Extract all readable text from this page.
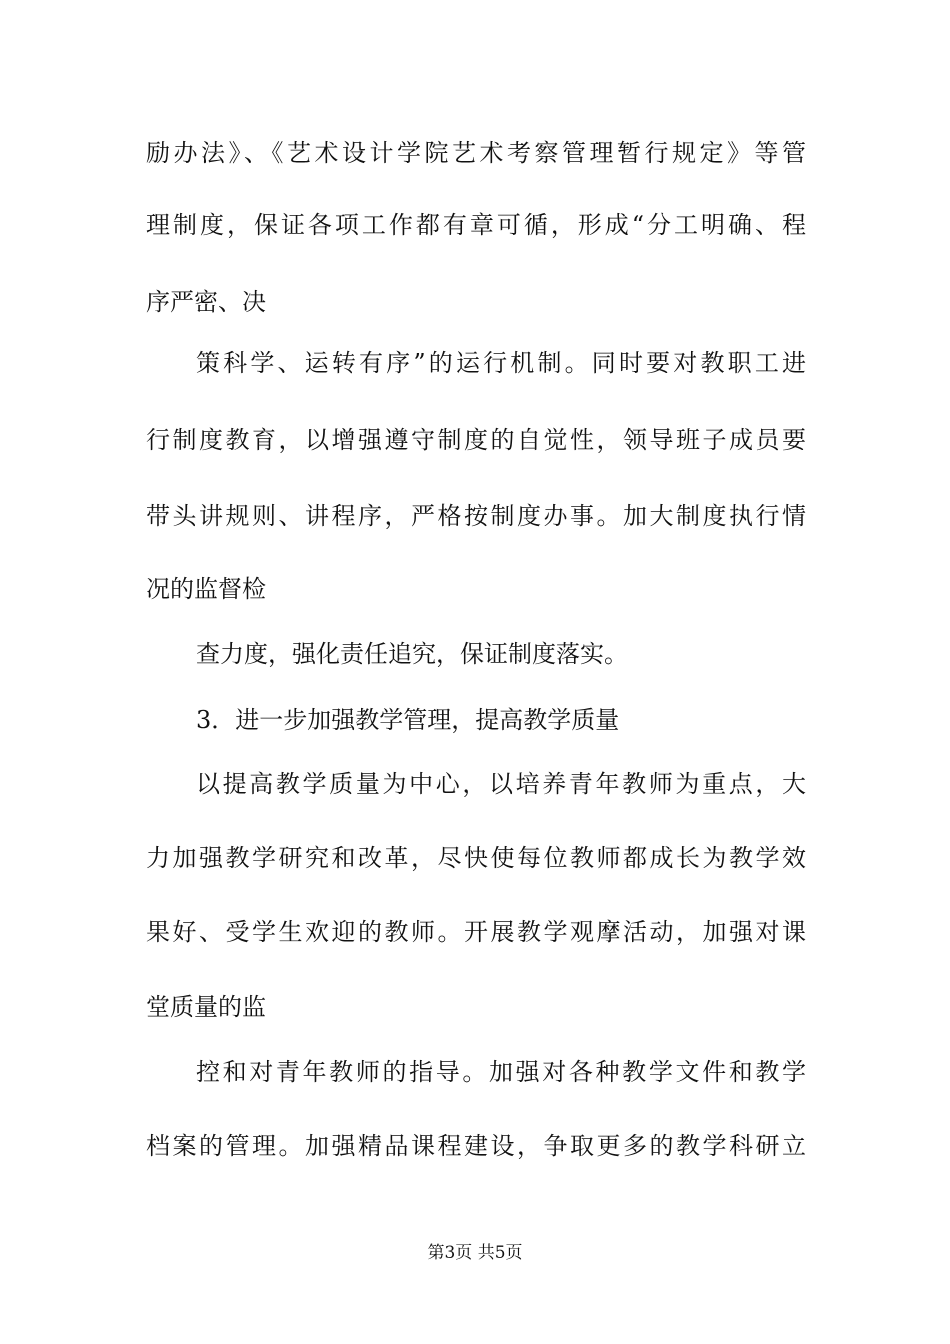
励办法》、《艺术设计学院艺术考察管理暂行规定》等管
理制度，保证各项工作都有章可循，形成“分工明确、程
序严密、决
策科学、运转有序”的运行机制。同时要对教职工进
行制度教育，以增强遵守制度的自觉性，领导班子成员要
带头讲规则、讲程序，严格按制度办事。加大制度执行情
况的监督检
查力度，强化责任追究，保证制度落实。
3．进一步加强教学管理，提高教学质量
以提高教学质量为中心，以培养青年教师为重点，大
力加强教学研究和改革，尽快使每位教师都成长为教学效
果好、受学生欢迎的教师。开展教学观摩活动，加强对课
堂质量的监
控和对青年教师的指导。加强对各种教学文件和教学
档案的管理。加强精品课程建设，争取更多的教学科研立
第3页 共5页
